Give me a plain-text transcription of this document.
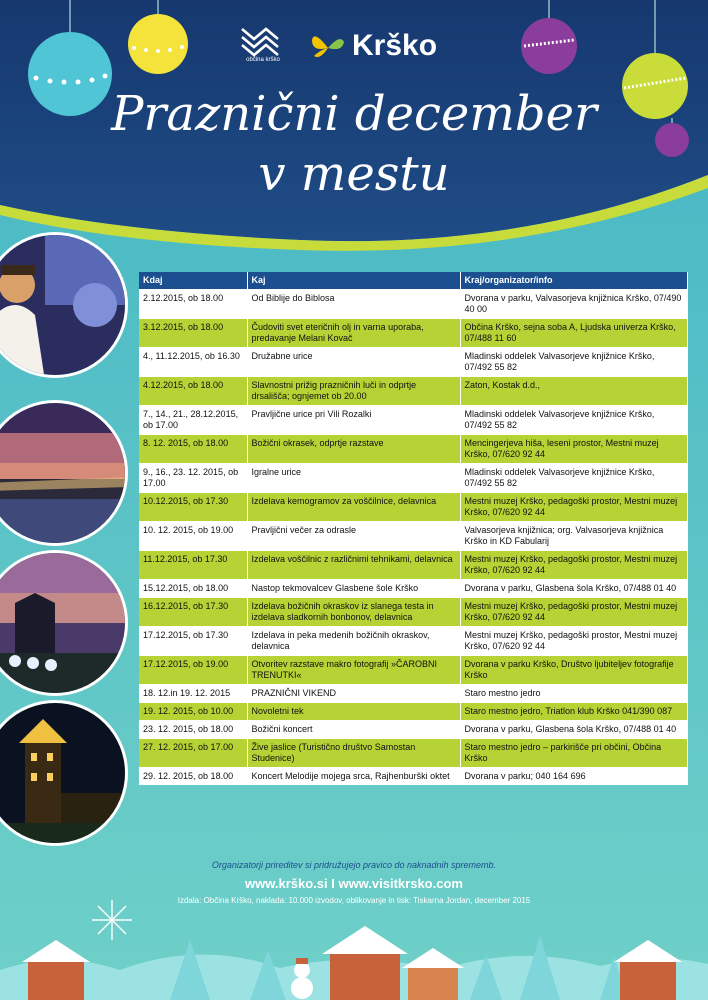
občina krško	Krško
Praznični december
v mestu
Kdaj	Kaj	Kraj/organizator/info
2.12.2015, ob 18.00	Od Biblije do Biblosa	Dvorana v parku, Valvasorjeva knjižnica Krško, 07/490 40 00
3.12.2015, ob 18.00	Čudoviti svet eteričnih olj in varna uporaba, predavanje Melani Kovač	Občina Krško, sejna soba A, Ljudska univerza Krško, 07/488 11 60
4., 11.12.2015, ob 16.30	Družabne urice	Mladinski oddelek Valvasorjeve knjižnice Krško, 07/492 55 82
4.12.2015, ob 18.00	Slavnostni prižig prazničnih luči in odprtje drsališča; ognjemet ob 20.00	Zaton, Kostak d.d.,
7., 14., 21., 28.12.2015, ob 17.00	Pravljične urice pri Vili Rozalki	Mladinski oddelek Valvasorjeve knjižnice Krško, 07/492 55 82
8. 12. 2015, ob 18.00	Božični okrasek, odprtje razstave	Mencingerjeva hiša, leseni prostor, Mestni muzej Krško, 07/620 92 44
9., 16., 23. 12. 2015, ob 17.00	Igralne urice	Mladinski oddelek Valvasorjeve knjižnice Krško, 07/492 55 82
10.12.2015, ob 17.30	Izdelava kemogramov za voščilnice, delavnica	Mestni muzej Krško, pedagoški prostor, Mestni muzej Krško, 07/620 92 44
10. 12. 2015, ob 19.00	Pravljični večer za odrasle	Valvasorjeva knjižnica; org. Valvasorjeva knjižnica Krško in KD Fabularij
11.12.2015, ob 17.30	Izdelava voščilnic z različnimi tehnikami, delavnica	Mestni muzej Krško, pedagoški prostor, Mestni muzej Krško, 07/620 92 44
15.12.2015, ob 18.00	Nastop tekmovalcev Glasbene šole Krško	Dvorana v parku, Glasbena šola Krško, 07/488 01 40
16.12.2015, ob 17.30	Izdelava božičnih okraskov iz slanega testa in izdelava sladkornih bonbonov, delavnica	Mestni muzej Krško, pedagoški prostor, Mestni muzej Krško, 07/620 92 44
17.12.2015, ob 17.30	Izdelava in peka medenih božičnih okraskov, delavnica	Mestni muzej Krško, pedagoški prostor, Mestni muzej Krško, 07/620 92 44
17.12.2015, ob 19.00	Otvoritev razstave makro fotografij »ČAROBNI TRENUTKI«	Dvorana v parku Krško, Društvo ljubiteljev fotografije Krško
18. 12.in 19. 12. 2015	PRAZNIČNI VIKEND	Staro mestno jedro
19. 12. 2015, ob 10.00	Novoletni tek	Staro mestno jedro, Triatlon klub Krško 041/390 087
23. 12. 2015, ob 18.00	Božični koncert	Dvorana v parku, Glasbena šola Krško, 07/488 01 40
27. 12. 2015, ob 17.00	Žive jaslice (Turistično društvo Samostan Studenice)	Staro mestno jedro – parkirišče pri občini, Občina Krško
29. 12. 2015, ob 18.00	Koncert Melodije mojega srca, Rajhenburški oktet	Dvorana v parku; 040 164 696
Organizatorji prireditev si pridružujejo pravico do naknadnih sprememb.
www.krško.si I www.visitkrsko.com
Izdala: Občina Krško, naklada: 10.000 izvodov, oblikovanje in tisk: Tiskarna Jordan, december 2015
